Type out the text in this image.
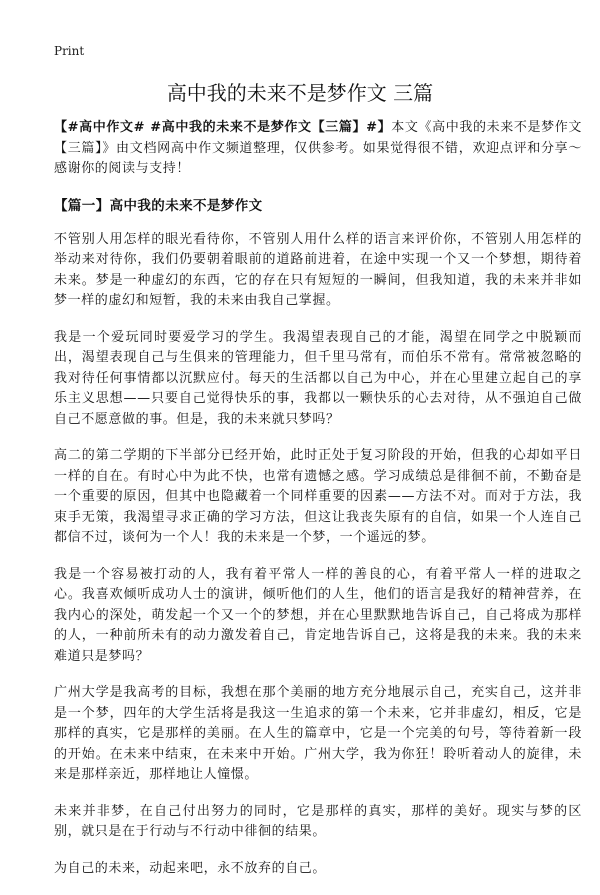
Print
高中我的未来不是梦作文 三篇

【#高中作文# #高中我的未来不是梦作文【三篇】#】本文《高中我的未来不是梦作文【三篇】》由文档网高中作文频道整理，仅供参考。如果觉得很不错，欢迎点评和分享～感谢你的阅读与支持！

【篇一】高中我的未来不是梦作文

不管别人用怎样的眼光看待你，不管别人用什么样的语言来评价你，不管别人用怎样的举动来对待你，我们仍要朝着眼前的道路前进着，在途中实现一个又一个梦想，期待着未来。梦是一种虚幻的东西，它的存在只有短短的一瞬间，但我知道，我的未来并非如梦一样的虚幻和短暂，我的未来由我自己掌握。

我是一个爱玩同时要爱学习的学生。我渴望表现自己的才能，渴望在同学之中脱颖而出，渴望表现自己与生俱来的管理能力，但千里马常有，而伯乐不常有。常常被忽略的我对待任何事情都以沉默应付。每天的生活都以自己为中心，并在心里建立起自己的享乐主义思想——只要自己觉得快乐的事，我都以一颗快乐的心去对待，从不强迫自己做自己不愿意做的事。但是，我的未来就只梦吗？

高二的第二学期的下半部分已经开始，此时正处于复习阶段的开始，但我的心却如平日一样的自在。有时心中为此不快，也常有遗憾之感。学习成绩总是徘徊不前，不勤奋是一个重要的原因，但其中也隐藏着一个同样重要的因素——方法不对。而对于方法，我束手无策，我渴望寻求正确的学习方法，但这让我丧失原有的自信，如果一个人连自己都信不过，谈何为一个人！我的未来是一个梦，一个遥远的梦。

我是一个容易被打动的人，我有着平常人一样的善良的心，有着平常人一样的进取之心。我喜欢倾听成功人士的演讲，倾听他们的人生，他们的语言是我好的精神营养，在我内心的深处，萌发起一个又一个的梦想，并在心里默默地告诉自己，自己将成为那样的人，一种前所未有的动力激发着自己，肯定地告诉自己，这将是我的未来。我的未来难道只是梦吗？

广州大学是我高考的目标，我想在那个美丽的地方充分地展示自己，充实自己，这并非是一个梦，四年的大学生活将是我这一生追求的第一个未来，它并非虚幻，相反，它是那样的真实，它是那样的美丽。在人生的篇章中，它是一个完美的句号，等待着新一段的开始。在未来中结束，在未来中开始。广州大学，我为你狂！聆听着动人的旋律，未来是那样亲近，那样地让人憧憬。

未来并非梦，在自己付出努力的同时，它是那样的真实，那样的美好。现实与梦的区别，就只是在于行动与不行动中徘徊的结果。

为自己的未来，动起来吧，永不放弃的自己。
